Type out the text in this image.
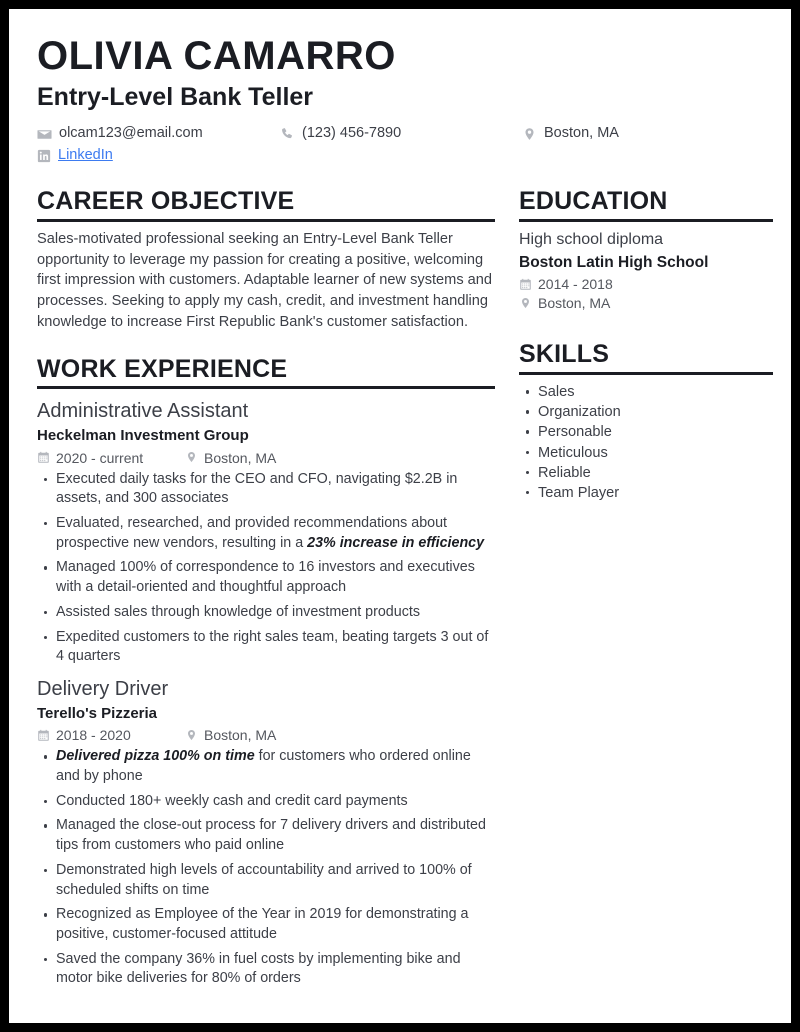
OLIVIA CAMARRO
Entry-Level Bank Teller
olcam123@email.com	(123) 456-7890	Boston, MA
LinkedIn
CAREER OBJECTIVE

Sales-motivated professional seeking an Entry-Level Bank Teller opportunity to leverage my passion for creating a positive, welcoming first impression with customers. Adaptable learner of new systems and processes. Seeking to apply my cash, credit, and investment handling knowledge to increase First Republic Bank's customer satisfaction.

WORK EXPERIENCE
Administrative Assistant
Heckelman Investment Group
2020 - current	Boston, MA
Executed daily tasks for the CEO and CFO, navigating $2.2B in assets, and 300 associates
Evaluated, researched, and provided recommendations about prospective new vendors, resulting in a 23% increase in efficiency
Managed 100% of correspondence to 16 investors and executives with a detail-oriented and thoughtful approach
Assisted sales through knowledge of investment products
Expedited customers to the right sales team, beating targets 3 out of 4 quarters
Delivery Driver
Terello's Pizzeria
2018 - 2020	Boston, MA
Delivered pizza 100% on time for customers who ordered online and by phone
Conducted 180+ weekly cash and credit card payments
Managed the close-out process for 7 delivery drivers and distributed tips from customers who paid online
Demonstrated high levels of accountability and arrived to 100% of scheduled shifts on time
Recognized as Employee of the Year in 2019 for demonstrating a positive, customer-focused attitude
Saved the company 36% in fuel costs by implementing bike and motor bike deliveries for 80% of orders
EDUCATION
High school diploma
Boston Latin High School
2014 - 2018
Boston, MA
SKILLS
Sales
Organization
Personable
Meticulous
Reliable
Team Player
